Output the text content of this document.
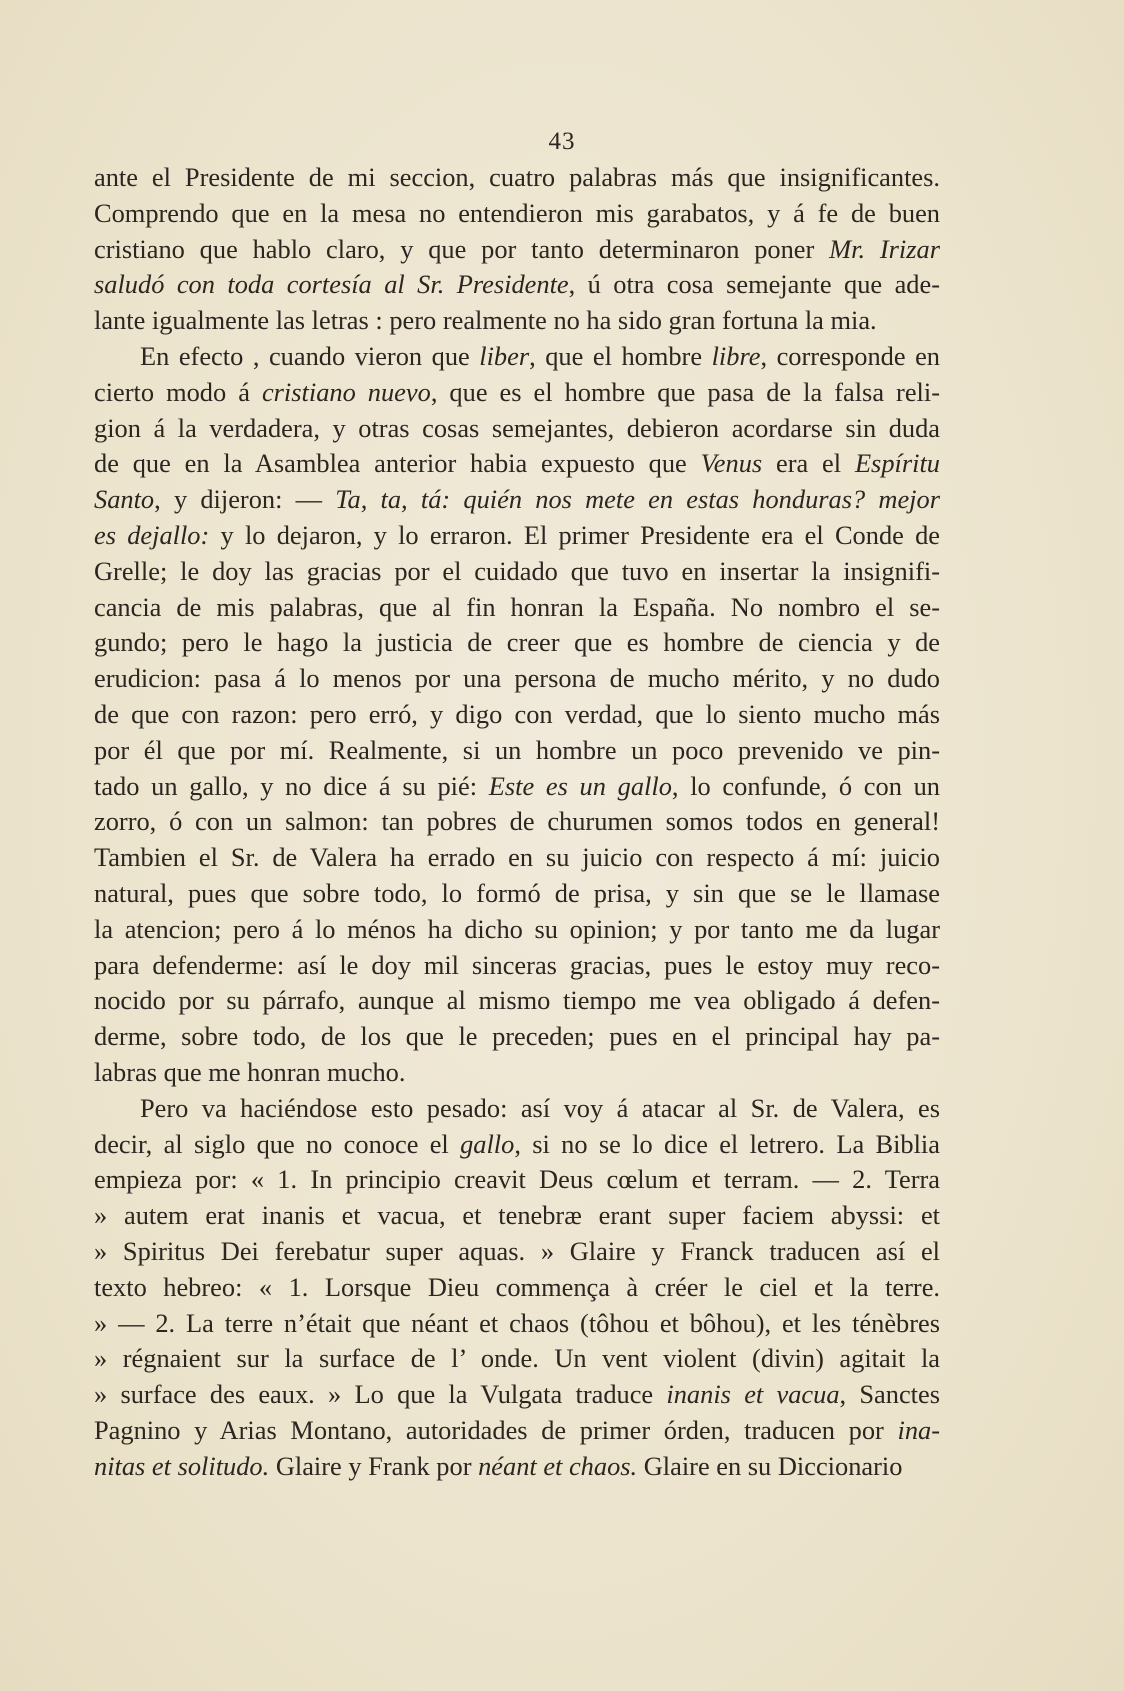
43
ante el Presidente de mi seccion, cuatro palabras más que insignificantes.
Comprendo que en la mesa no entendieron mis garabatos, y á fe de buen
cristiano que hablo claro, y que por tanto determinaron poner Mr. Irizar
saludó con toda cortesía al Sr. Presidente, ú otra cosa semejante que ade-
lante igualmente las letras : pero realmente no ha sido gran fortuna la mia.
En efecto , cuando vieron que liber, que el hombre libre, corresponde en
cierto modo á cristiano nuevo, que es el hombre que pasa de la falsa reli-
gion á la verdadera, y otras cosas semejantes, debieron acordarse sin duda
de que en la Asamblea anterior habia expuesto que Venus era el Espíritu
Santo, y dijeron: — Ta, ta, tá: quién nos mete en estas honduras? mejor
es dejallo: y lo dejaron, y lo erraron. El primer Presidente era el Conde de
Grelle; le doy las gracias por el cuidado que tuvo en insertar la insignifi-
cancia de mis palabras, que al fin honran la España. No nombro el se-
gundo; pero le hago la justicia de creer que es hombre de ciencia y de
erudicion: pasa á lo menos por una persona de mucho mérito, y no dudo
de que con razon: pero erró, y digo con verdad, que lo siento mucho más
por él que por mí. Realmente, si un hombre un poco prevenido ve pin-
tado un gallo, y no dice á su pié: Este es un gallo, lo confunde, ó con un
zorro, ó con un salmon: tan pobres de churumen somos todos en general!
Tambien el Sr. de Valera ha errado en su juicio con respecto á mí: juicio
natural, pues que sobre todo, lo formó de prisa, y sin que se le llamase
la atencion; pero á lo ménos ha dicho su opinion; y por tanto me da lugar
para defenderme: así le doy mil sinceras gracias, pues le estoy muy reco-
nocido por su párrafo, aunque al mismo tiempo me vea obligado á defen-
derme, sobre todo, de los que le preceden; pues en el principal hay pa-
labras que me honran mucho.
Pero va haciéndose esto pesado: así voy á atacar al Sr. de Valera, es
decir, al siglo que no conoce el gallo, si no se lo dice el letrero. La Biblia
empieza por: « 1. In principio creavit Deus cœlum et terram. — 2. Terra
» autem erat inanis et vacua, et tenebræ erant super faciem abyssi: et
» Spiritus Dei ferebatur super aquas. » Glaire y Franck traducen así el
texto hebreo: « 1. Lorsque Dieu commença à créer le ciel et la terre.
» — 2. La terre n’était que néant et chaos (tôhou et bôhou), et les ténèbres
» régnaient sur la surface de l’ onde. Un vent violent (divin) agitait la
» surface des eaux. » Lo que la Vulgata traduce inanis et vacua, Sanctes
Pagnino y Arias Montano, autoridades de primer órden, traducen por ina-
nitas et solitudo. Glaire y Frank por néant et chaos. Glaire en su Diccionario
